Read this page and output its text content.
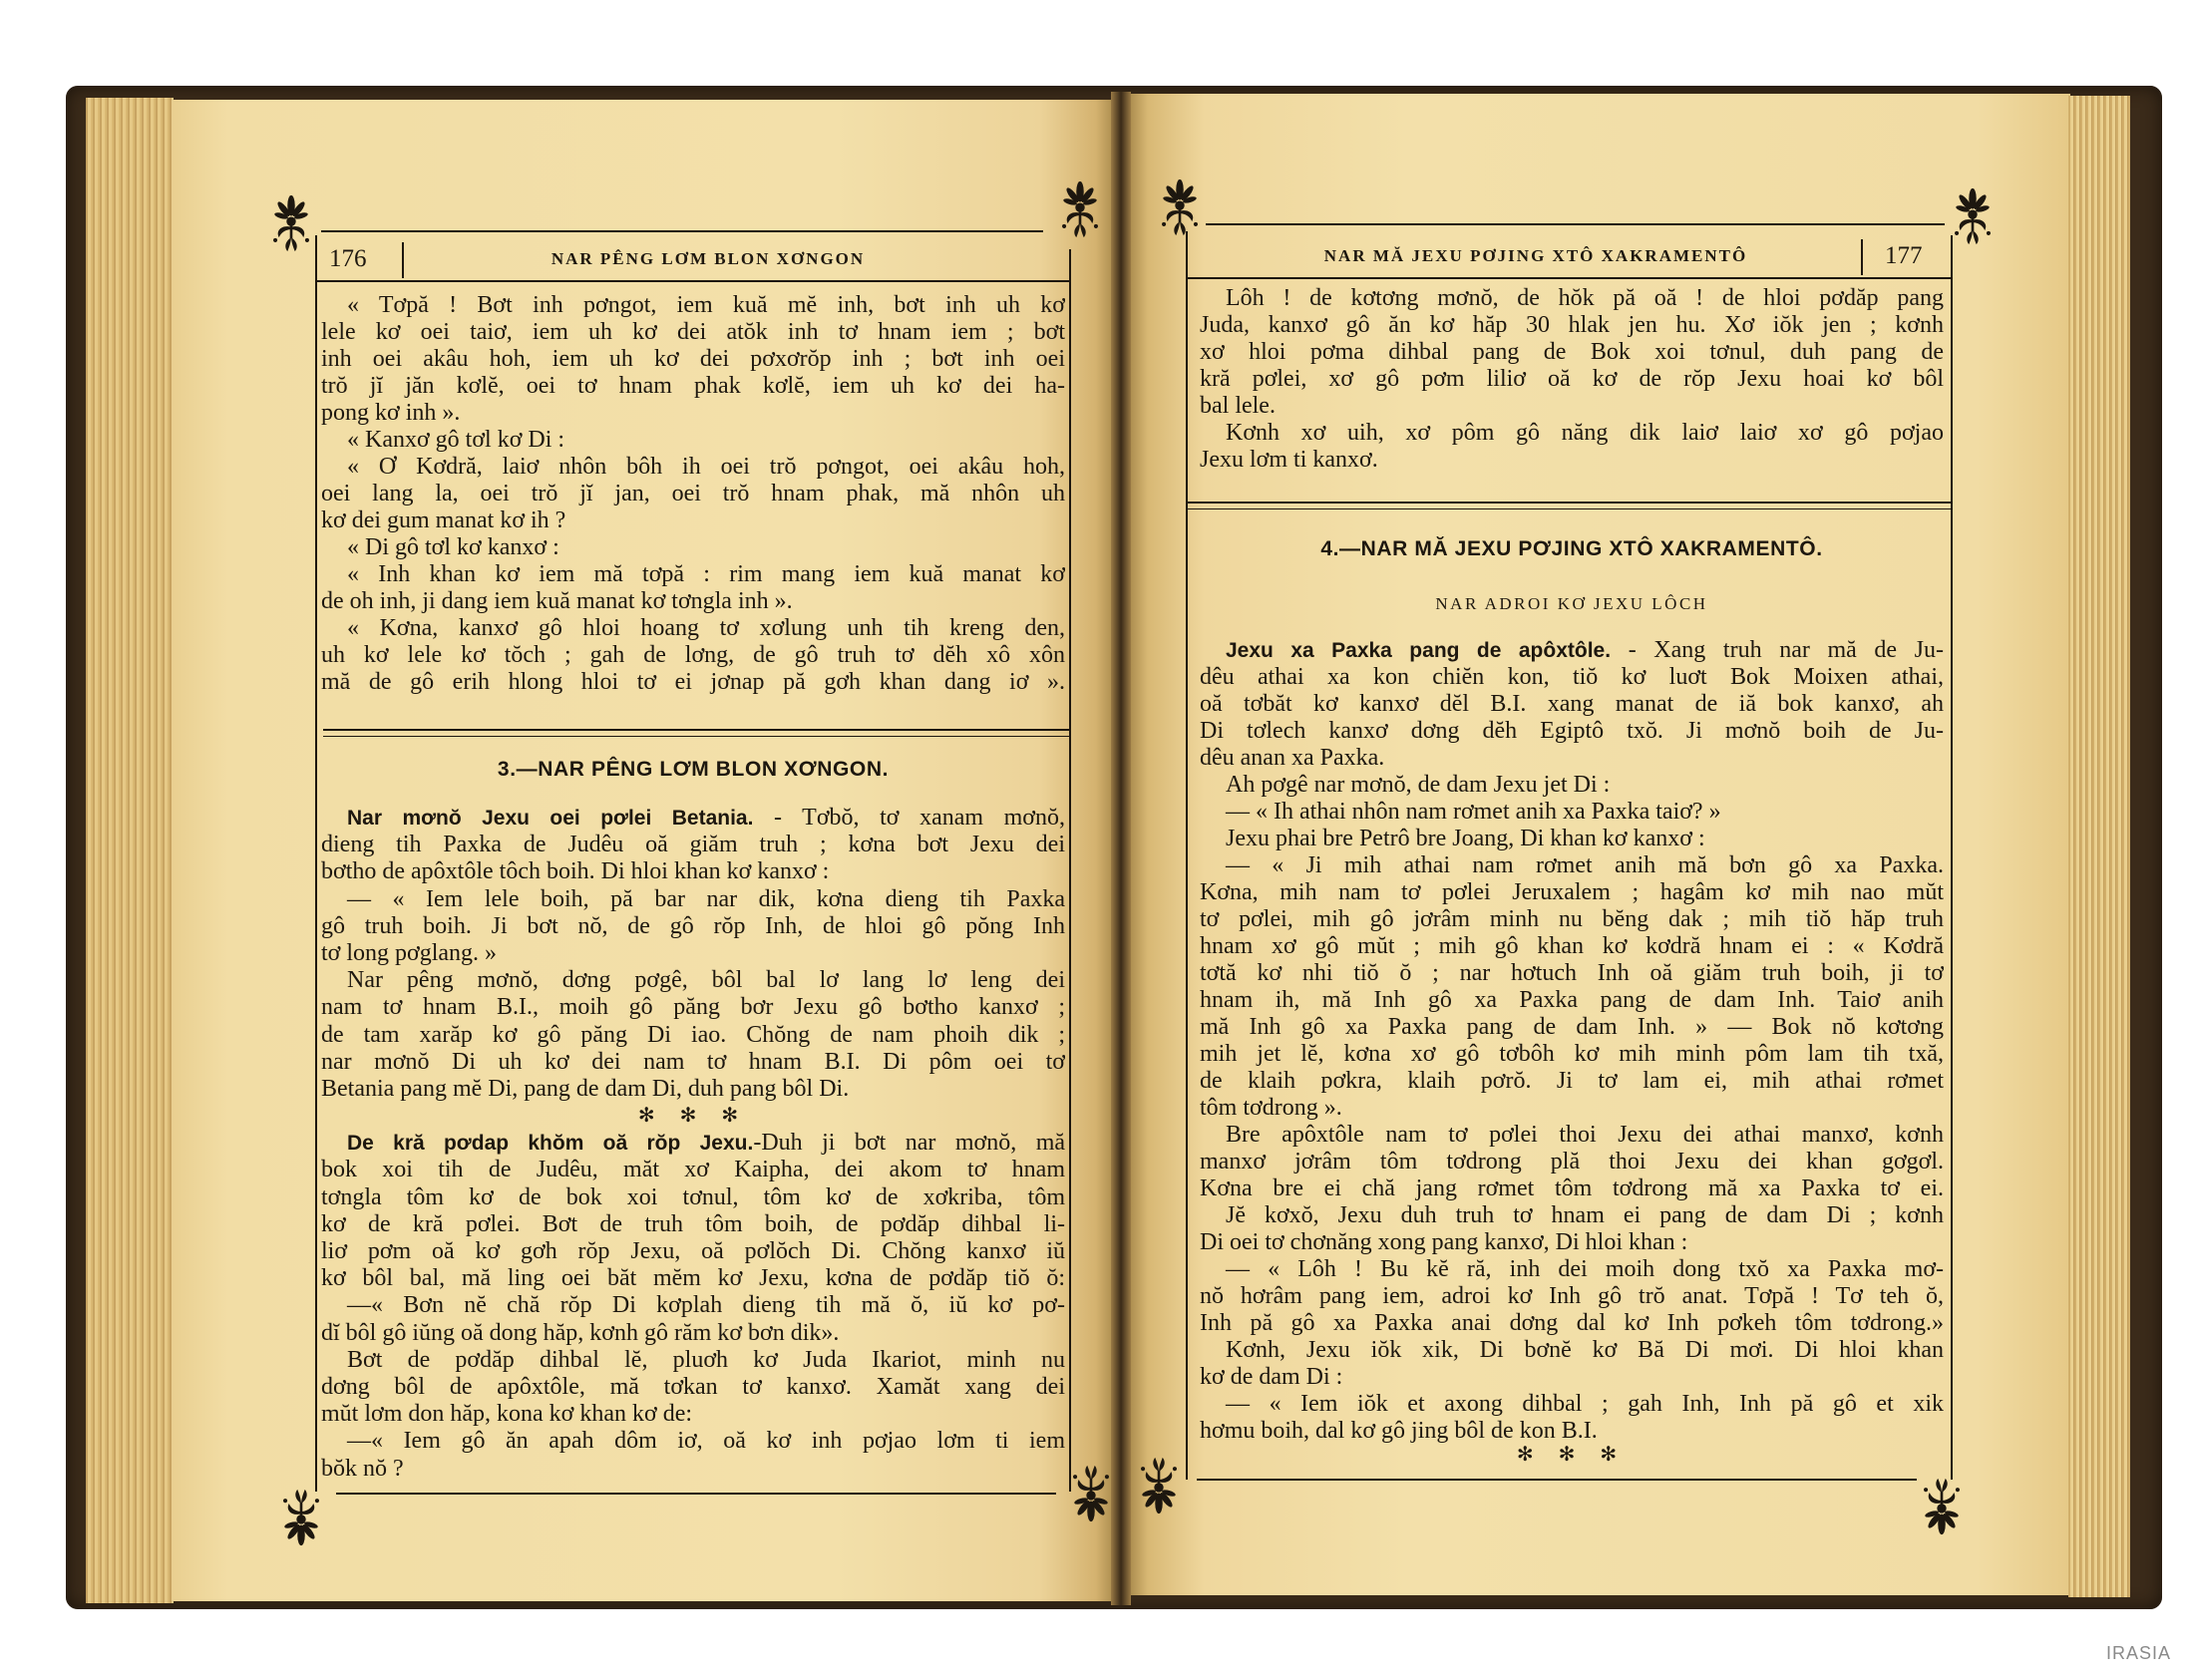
176	NAR PÊNG LƠM BLON XƠNGON
« Tơpă ! Bơt inh pơngot, iem kuă mĕ inh, bơt inh uh kơ
lele kơ oei taiơ, iem uh kơ dei atŏk inh tơ hnam iem ; bơt
inh oei akâu hoh, iem uh kơ dei pơxơrŏp inh ; bơt inh oei
trŏ jĭ jăn kơlĕ, oei tơ hnam phak kơlĕ, iem uh kơ dei ha-
pong kơ inh ».
« Kanxơ gô tơl kơ Di :
« Ơ Kơdră, laiơ nhôn bôh ih oei trŏ pơngot, oei akâu hoh,
oei lang la, oei trŏ jĭ jan, oei trŏ hnam phak, mă nhôn uh
kơ dei gum manat kơ ih ?
« Di gô tơl kơ kanxơ :
« Inh khan kơ iem mă tơpă : rim mang iem kuă manat kơ
de oh inh, ji dang iem kuă manat kơ tơngla inh ».
« Kơna, kanxơ gô hloi hoang tơ xơlung unh tih kreng den,
uh kơ lele kơ tŏch ; gah de lơng, de gô truh tơ dĕh xô xôn
mă de gô erih hlong hloi tơ ei jơnap pă gơh khan dang iơ ».
3.—NAR PÊNG LƠM BLON XƠNGON.
Nar mơnŏ Jexu oei pơlei Betania. - Tơbŏ, tơ xanam mơnŏ,
dieng tih Paxka de Judêu oă giăm truh ; kơna bơt Jexu dei
bơtho de apôxtôle tôch boih. Di hloi khan kơ kanxơ :
— « Iem lele boih, pă bar nar dik, kơna dieng tih Paxka
gô truh boih. Ji bơt nŏ, de gô rŏp Inh, de hloi gô pŏng Inh
tơ long pơglang. »
Nar pêng mơnŏ, dơng pơgê, bôl bal lơ lang lơ leng dei
nam tơ hnam B.I., moih gô păng bơr Jexu gô bơtho kanxơ ;
de tam xarăp kơ gô păng Di iao. Chŏng de nam phoih dik ;
nar mơnŏ Di uh kơ dei nam tơ hnam B.I. Di pôm oei tơ
Betania pang mĕ Di, pang de dam Di, duh pang bôl Di.
✻ ✻ ✻
De kră pơdap khŏm oă rŏp Jexu.-Duh ji bơt nar mơnŏ, mă
bok xoi tih de Judêu, măt xơ Kaipha, dei akom tơ hnam
tơngla tôm kơ de bok xoi tơnul, tôm kơ de xơkriba, tôm
kơ de kră pơlei. Bơt de truh tôm boih, de pơdăp dihbal li-
liơ pơm oă kơ gơh rŏp Jexu, oă pơlŏch Di. Chŏng kanxơ iŭ
kơ bôl bal, mă ling oei băt mĕm kơ Jexu, kơna de pơdăp tiŏ ŏ:
—« Bơn nĕ chă rŏp Di kơplah dieng tih mă ŏ, iŭ kơ pơ-
dĭ bôl gô iŭng oă dong hăp, kơnh gô răm kơ bơn dik».
Bơt de pơdăp dihbal lĕ, pluơh kơ Juda Ikariot, minh nu
dơng bôl de apôxtôle, mă tơkan tơ kanxơ. Xamăt xang dei
mŭt lơm don hăp, kona kơ khan kơ de:
—« Iem gô ăn apah dôm iơ, oă kơ inh pơjao lơm ti iem
bŏk nŏ ?
NAR MĂ JEXU PƠJING XTÔ XAKRAMENTÔ	177
Lôh ! de kơtơng mơnŏ, de hŏk pă oă ! de hloi pơdăp pang
Juda, kanxơ gô ăn kơ hăp 30 hlak jen hu. Xơ iŏk jen ; kơnh
xơ hloi pơma dihbal pang de Bok xoi tơnul, duh pang de
kră pơlei, xơ gô pơm liliơ oă kơ de rŏp Jexu hoai kơ bôl
bal lele.
Kơnh xơ uih, xơ pôm gô năng dik laiơ laiơ xơ gô pơjao
Jexu lơm ti kanxơ.
4.—NAR MĂ JEXU PƠJING XTÔ XAKRAMENTÔ.
NAR ADROI KƠ JEXU LÔCH
Jexu xa Paxka pang de apôxtôle. - Xang truh nar mă de Ju-
dêu athai xa kon chiĕn kon, tiŏ kơ luơt Bok Moixen athai,
oă tơbăt kơ kanxơ dĕl B.I. xang manat de iă bok kanxơ, ah
Di tơlech kanxơ dơng dĕh Egiptô txŏ. Ji mơnŏ boih de Ju-
dêu anan xa Paxka.
Ah pơgê nar mơnŏ, de dam Jexu jet Di :
— « Ih athai nhôn nam rơmet anih xa Paxka taiơ? »
Jexu phai bre Petrô bre Joang, Di khan kơ kanxơ :
— « Ji mih athai nam rơmet anih mă bơn gô xa Paxka.
Kơna, mih nam tơ pơlei Jeruxalem ; hagâm kơ mih nao mŭt
tơ pơlei, mih gô jơrâm minh nu bĕng dak ; mih tiŏ hăp truh
hnam xơ gô mŭt ; mih gô khan kơ kơdră hnam ei : « Kơdră
tơtă kơ nhi tiŏ ŏ ; nar hơtuch Inh oă giăm truh boih, ji tơ
hnam ih, mă Inh gô xa Paxka pang de dam Inh. Taiơ anih
mă Inh gô xa Paxka pang de dam Inh. » — Bok nŏ kơtơng
mih jet lĕ, kơna xơ gô tơbôh kơ mih minh pôm lam tih txă,
de klaih pơkra, klaih pơrŏ. Ji tơ lam ei, mih athai rơmet
tôm tơdrong ».
Bre apôxtôle nam tơ pơlei thoi Jexu dei athai manxơ, kơnh
manxơ jơrâm tôm tơdrong plă thoi Jexu dei khan gơgơl.
Kơna bre ei chă jang rơmet tôm tơdrong mă xa Paxka tơ ei.
Jĕ kơxŏ, Jexu duh truh tơ hnam ei pang de dam Di ; kơnh
Di oei tơ chơnăng xong pang kanxơ, Di hloi khan :
— « Lôh ! Bu kĕ ră, inh dei moih dong txŏ xa Paxka mơ-
nŏ hơrâm pang iem, adroi kơ Inh gô trŏ anat. Tơpă ! Tơ teh ŏ,
Inh pă gô xa Paxka anai dơng dal kơ Inh pơkeh tôm tơdrong.»
Kơnh, Jexu iŏk xik, Di bơnĕ kơ Bă Di mơi. Di hloi khan
kơ de dam Di :
— « Iem iŏk et axong dihbal ; gah Inh, Inh pă gô et xik
hơmu boih, dal kơ gô jing bôl de kon B.I.
✻ ✻ ✻
IRASIA
